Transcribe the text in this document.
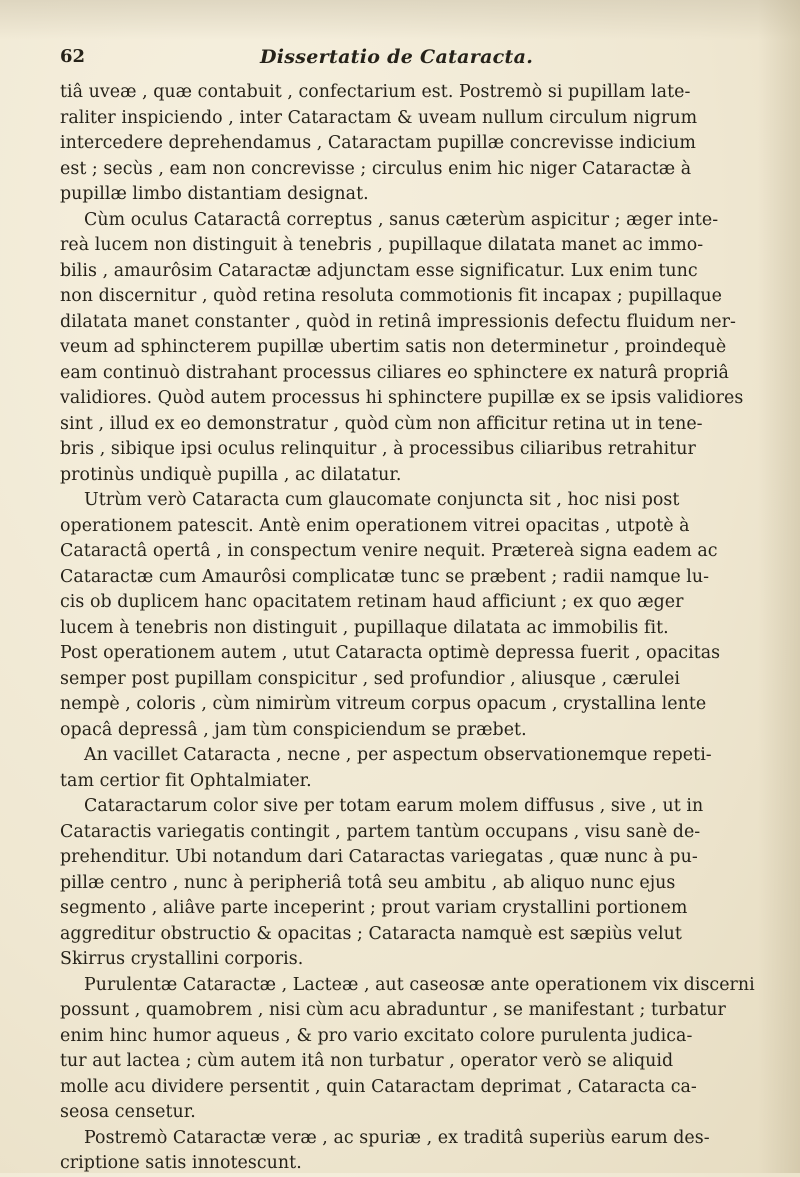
62	Dissertatio de Cataracta.
tiâ uveæ , quæ contabuit , confectarium est. Postremò si pupillam late-
raliter inspiciendo , inter Cataractam & uveam nullum circulum nigrum
intercedere deprehendamus , Cataractam pupillæ concrevisse indicium
est ; secùs , eam non concrevisse ; circulus enim hic niger Cataractæ à
pupillæ limbo distantiam designat.
Cùm oculus Cataractâ correptus , sanus cæterùm aspicitur ; æger inte-
reà lucem non distinguit à tenebris , pupillaque dilatata manet ac immo-
bilis , amaurôsim Cataractæ adjunctam esse significatur. Lux enim tunc
non discernitur , quòd retina resoluta commotionis fit incapax ; pupillaque
dilatata manet constanter , quòd in retinâ impressionis defectu fluidum ner-
veum ad sphincterem pupillæ ubertim satis non determinetur , proindequè
eam continuò distrahant processus ciliares eo sphinctere ex naturâ propriâ
validiores. Quòd autem processus hi sphinctere pupillæ ex se ipsis validiores
sint , illud ex eo demonstratur , quòd cùm non afficitur retina ut in tene-
bris , sibique ipsi oculus relinquitur , à processibus ciliaribus retrahitur
protinùs undiquè pupilla , ac dilatatur.
Utrùm verò Cataracta cum glaucomate conjuncta sit , hoc nisi post
operationem patescit. Antè enim operationem vitrei opacitas , utpotè à
Cataractâ opertâ , in conspectum venire nequit. Prætereà signa eadem ac
Cataractæ cum Amaurôsi complicatæ tunc se præbent ; radii namque lu-
cis ob duplicem hanc opacitatem retinam haud afficiunt ; ex quo æger
lucem à tenebris non distinguit , pupillaque dilatata ac immobilis fit.
Post operationem autem , utut Cataracta optimè depressa fuerit , opacitas
semper post pupillam conspicitur , sed profundior , aliusque , cærulei
nempè , coloris , cùm nimirùm vitreum corpus opacum , crystallina lente
opacâ depressâ , jam tùm conspiciendum se præbet.
An vacillet Cataracta , necne , per aspectum observationemque repeti-
tam certior fit Ophtalmiater.
Cataractarum color sive per totam earum molem diffusus , sive , ut in
Cataractis variegatis contingit , partem tantùm occupans , visu sanè de-
prehenditur. Ubi notandum dari Cataractas variegatas , quæ nunc à pu-
pillæ centro , nunc à peripheriâ totâ seu ambitu , ab aliquo nunc ejus
segmento , aliâve parte inceperint ; prout variam crystallini portionem
aggreditur obstructio & opacitas ; Cataracta namquè est sæpiùs velut
Skirrus crystallini corporis.
Purulentæ Cataractæ , Lacteæ , aut caseosæ ante operationem vix discerni
possunt , quamobrem , nisi cùm acu abraduntur , se manifestant ; turbatur
enim hinc humor aqueus , & pro vario excitato colore purulenta judica-
tur aut lactea ; cùm autem itâ non turbatur , operator verò se aliquid
molle acu dividere persentit , quin Cataractam deprimat , Cataracta ca-
seosa censetur.
Postremò Cataractæ veræ , ac spuriæ , ex traditâ superiùs earum des-
criptione satis innotescunt.
